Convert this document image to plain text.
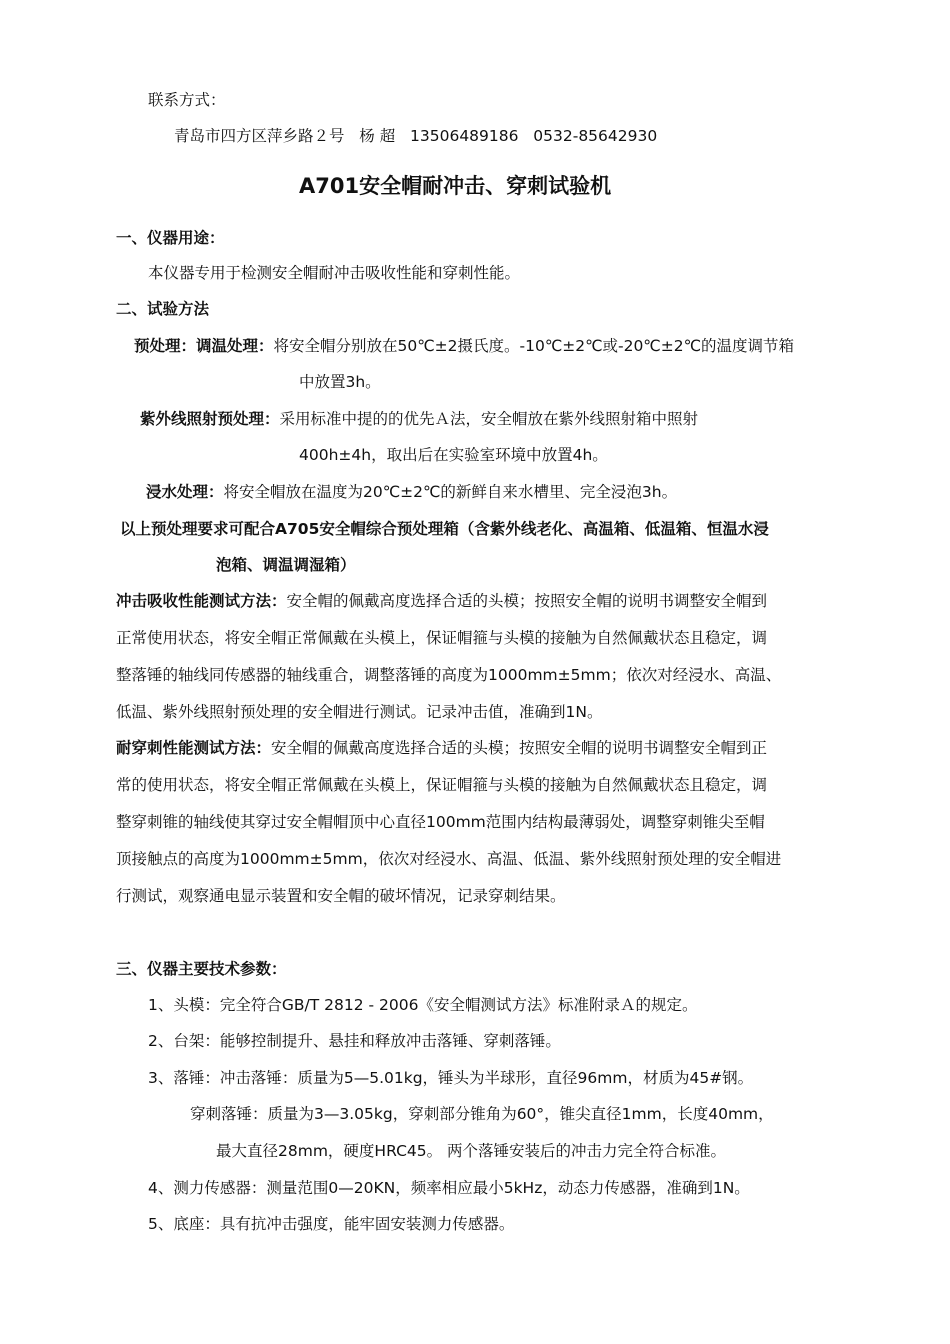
联系方式：
青岛市四方区萍乡路２号 杨 超 13506489186 0532-85642930
A701安全帽耐冲击、穿刺试验机
一、仪器用途：
本仪器专用于检测安全帽耐冲击吸收性能和穿刺性能。
二、试验方法
预处理：调温处理：将安全帽分别放在50℃±2摄氏度。-10℃±2℃或-20℃±2℃的温度调节箱
中放置3h。
紫外线照射预处理：采用标准中提的的优先Ａ法，安全帽放在紫外线照射箱中照射
400h±4h，取出后在实验室环境中放置4h。
浸水处理：将安全帽放在温度为20℃±2℃的新鲜自来水槽里、完全浸泡3h。
以上预处理要求可配合A705安全帽综合预处理箱（含紫外线老化、高温箱、低温箱、恒温水浸
泡箱、调温调湿箱）
冲击吸收性能测试方法：安全帽的佩戴高度选择合适的头模；按照安全帽的说明书调整安全帽到
正常使用状态，将安全帽正常佩戴在头模上，保证帽箍与头模的接触为自然佩戴状态且稳定，调
整落锤的轴线同传感器的轴线重合，调整落锤的高度为1000mm±5mm；依次对经浸水、高温、
低温、紫外线照射预处理的安全帽进行测试。记录冲击值，准确到1N。
耐穿刺性能测试方法：安全帽的佩戴高度选择合适的头模；按照安全帽的说明书调整安全帽到正
常的使用状态，将安全帽正常佩戴在头模上，保证帽箍与头模的接触为自然佩戴状态且稳定，调
整穿刺锥的轴线使其穿过安全帽帽顶中心直径100mm范围内结构最薄弱处，调整穿刺锥尖至帽
顶接触点的高度为1000mm±5mm，依次对经浸水、高温、低温、紫外线照射预处理的安全帽进
行测试，观察通电显示装置和安全帽的破坏情况，记录穿刺结果。
三、仪器主要技术参数：
1、头模：完全符合GB/T 2812 - 2006《安全帽测试方法》标准附录Ａ的规定。
2、台架：能够控制提升、悬挂和释放冲击落锤、穿刺落锤。
3、落锤：冲击落锤：质量为5—5.01kg，锤头为半球形，直径96mm，材质为45#钢。
穿刺落锤：质量为3—3.05kg，穿刺部分锥角为60°，锥尖直径1mm，长度40mm，
最大直径28mm，硬度HRC45。 两个落锤安装后的冲击力完全符合标准。
4、测力传感器：测量范围0—20KN，频率相应最小5kHz，动态力传感器，准确到1N。
5、底座：具有抗冲击强度，能牢固安装测力传感器。
